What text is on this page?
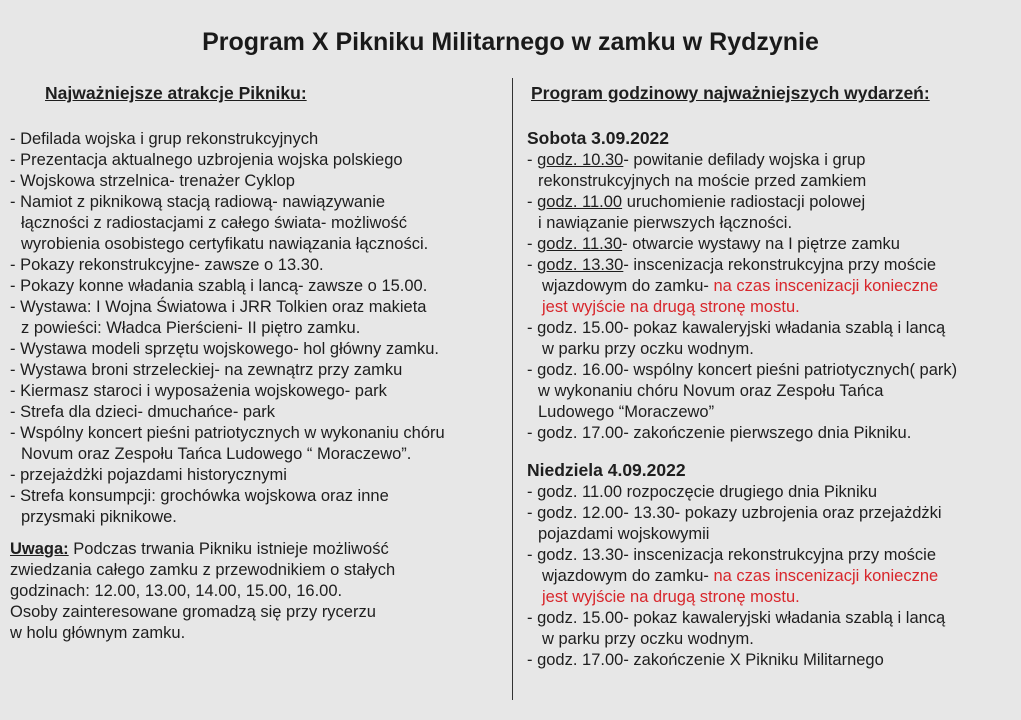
Program X Pikniku Militarnego w zamku w Rydzynie
Najważniejsze atrakcje Pikniku:	Program godzinowy najważniejszych wydarzeń:
- Defilada wojska i grup rekonstrukcyjnych
- Prezentacja aktualnego uzbrojenia wojska polskiego
- Wojskowa strzelnica- trenażer Cyklop
- Namiot z piknikową stacją radiową- nawiązywanie
łączności z radiostacjami z całego świata- możliwość
wyrobienia osobistego certyfikatu nawiązania łączności.
- Pokazy rekonstrukcyjne- zawsze o 13.30.
- Pokazy konne władania szablą i lancą- zawsze o 15.00.
- Wystawa: I Wojna Światowa i JRR Tolkien oraz makieta
z powieści: Władca Pierścieni- II piętro zamku.
- Wystawa modeli sprzętu wojskowego- hol główny zamku.
- Wystawa broni strzeleckiej- na zewnątrz przy zamku
- Kiermasz staroci i wyposażenia wojskowego- park
- Strefa dla dzieci- dmuchańce- park
- Wspólny koncert pieśni patriotycznych w wykonaniu chóru
Novum oraz Zespołu Tańca Ludowego “ Moraczewo”.
- przejażdżki pojazdami historycznymi
- Strefa konsumpcji: grochówka wojskowa oraz inne
przysmaki piknikowe.
Uwaga: Podczas trwania Pikniku istnieje możliwość
zwiedzania całego zamku z przewodnikiem o stałych
godzinach: 12.00, 13.00, 14.00, 15.00, 16.00.
Osoby zainteresowane gromadzą się przy rycerzu
w holu głównym zamku.
Sobota 3.09.2022
- godz. 10.30- powitanie defilady wojska i grup
rekonstrukcyjnych na moście przed zamkiem
- godz. 11.00 uruchomienie radiostacji polowej
i nawiązanie pierwszych łączności.
- godz. 11.30- otwarcie wystawy na I piętrze zamku
- godz. 13.30- inscenizacja rekonstrukcyjna przy moście
wjazdowym do zamku- na czas inscenizacji konieczne
jest wyjście na drugą stronę mostu.
- godz. 15.00- pokaz kawaleryjski władania szablą i lancą
w parku przy oczku wodnym.
- godz. 16.00- wspólny koncert pieśni patriotycznych( park)
w wykonaniu chóru Novum oraz Zespołu Tańca
Ludowego “Moraczewo”
- godz. 17.00- zakończenie pierwszego dnia Pikniku.
Niedziela 4.09.2022
- godz. 11.00 rozpoczęcie drugiego dnia Pikniku
- godz. 12.00- 13.30- pokazy uzbrojenia oraz przejażdżki
pojazdami wojskowymii
- godz. 13.30- inscenizacja rekonstrukcyjna przy moście
wjazdowym do zamku- na czas inscenizacji konieczne
jest wyjście na drugą stronę mostu.
- godz. 15.00- pokaz kawaleryjski władania szablą i lancą
w parku przy oczku wodnym.
- godz. 17.00- zakończenie X Pikniku Militarnego
